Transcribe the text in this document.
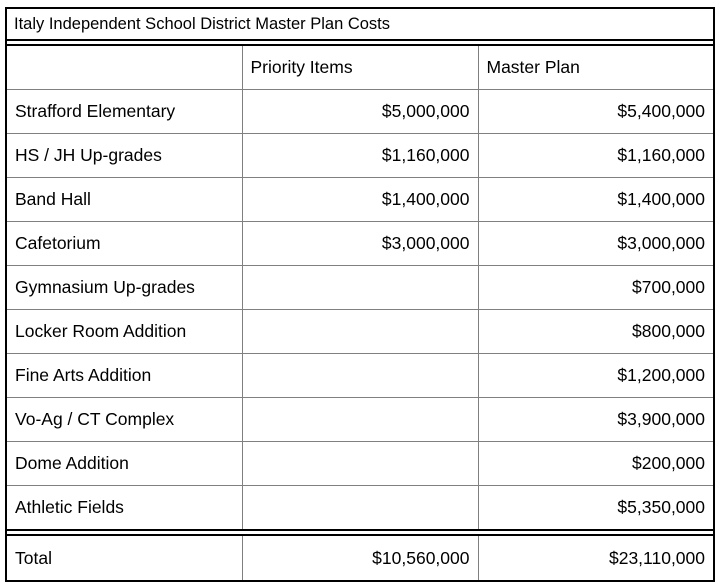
Italy Independent School District Master Plan Costs		

	Priority Items	Master Plan
Strafford Elementary	$5,000,000	$5,400,000
HS / JH Up-grades	$1,160,000	$1,160,000
Band Hall	$1,400,000	$1,400,000
Cafetorium	$3,000,000	$3,000,000
Gymnasium Up-grades		$700,000
Locker Room Addition		$800,000
Fine Arts Addition		$1,200,000
Vo-Ag / CT Complex		$3,900,000
Dome Addition		$200,000
Athletic Fields		$5,350,000

Total	$10,560,000	$23,110,000
